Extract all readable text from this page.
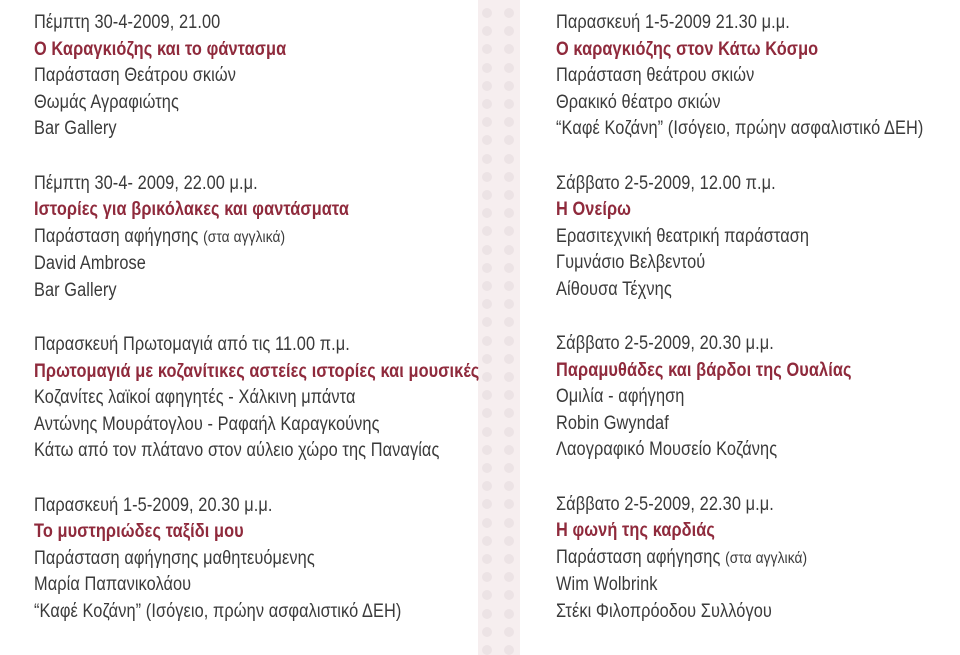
Πέμπτη 30-4-2009, 21.00
Ο Καραγκιόζης και το φάντασμα
Παράσταση Θεάτρου σκιών
Θωμάς Αγραφιώτης
Bar Gallery
Πέμπτη 30-4- 2009, 22.00 μ.μ.
Ιστορίες για βρικόλακες και φαντάσματα
Παράσταση αφήγησης (στα αγγλικά)
David Ambrose
Bar Gallery
Παρασκευή Πρωτομαγιά από τις 11.00 π.μ.
Πρωτομαγιά με κοζανίτικες αστείες ιστορίες και μουσικές
Κοζανίτες λαϊκοί αφηγητές - Χάλκινη μπάντα
Αντώνης Μουράτογλου - Ραφαήλ Καραγκούνης
Κάτω από τον πλάτανο στον αύλειο χώρο της Παναγίας
Παρασκευή 1-5-2009, 20.30 μ.μ.
Το μυστηριώδες ταξίδι μου
Παράσταση αφήγησης μαθητευόμενης
Μαρία Παπανικολάου
“Καφέ Κοζάνη” (Ισόγειο, πρώην ασφαλιστικό ΔΕΗ)
Παρασκευή 1-5-2009 21.30 μ.μ.
Ο καραγκιόζης στον Κάτω Κόσμο
Παράσταση θεάτρου σκιών
Θρακικό θέατρο σκιών
“Καφέ Κοζάνη” (Ισόγειο, πρώην ασφαλιστικό ΔΕΗ)
Σάββατο 2-5-2009, 12.00 π.μ.
Η Ονείρω
Ερασιτεχνική θεατρική παράσταση
Γυμνάσιο Βελβεντού
Αίθουσα Τέχνης
Σάββατο 2-5-2009, 20.30 μ.μ.
Παραμυθάδες και βάρδοι της Ουαλίας
Ομιλία - αφήγηση
Robin Gwyndaf
Λαογραφικό Μουσείο Κοζάνης
Σάββατο 2-5-2009, 22.30 μ.μ.
Η φωνή της καρδιάς
Παράσταση αφήγησης (στα αγγλικά)
Wim Wolbrink
Στέκι Φιλοπρόοδου Συλλόγου
